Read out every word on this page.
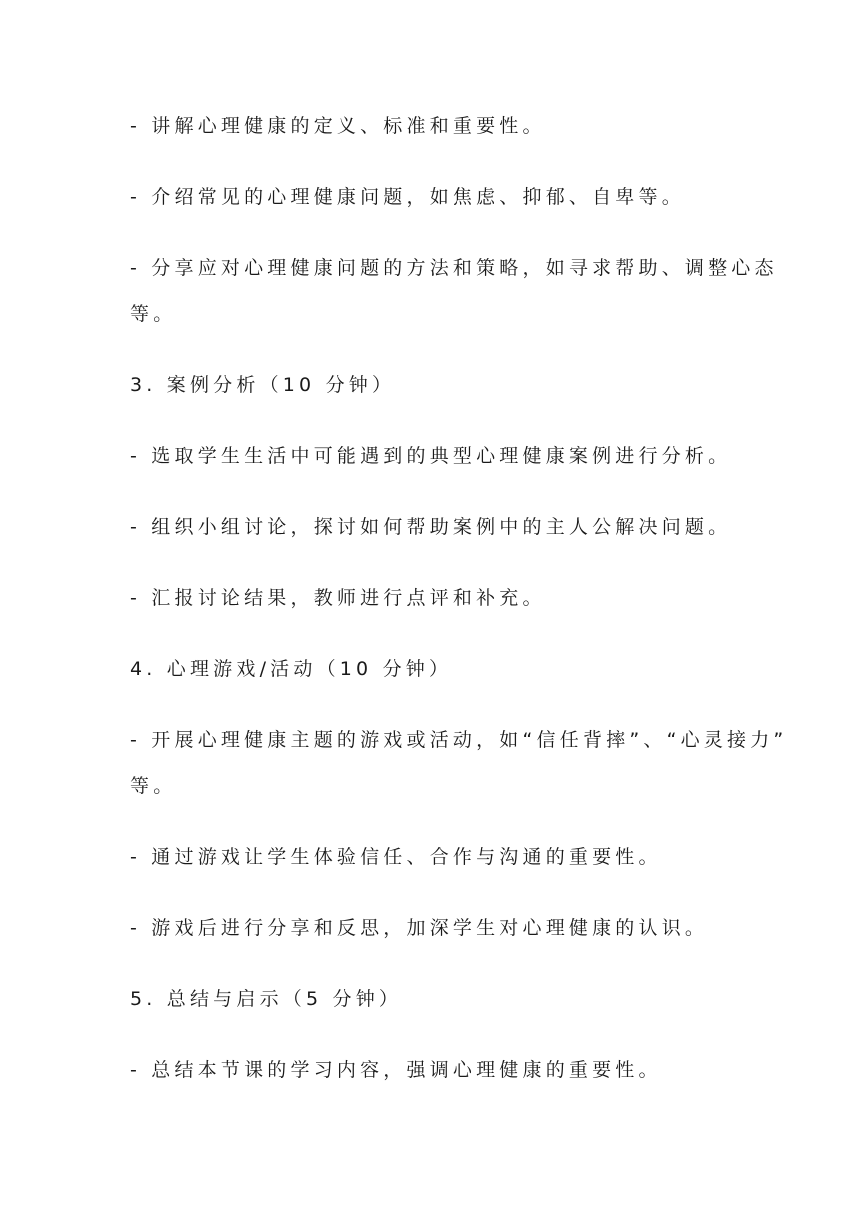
- 讲解心理健康的定义、标准和重要性。
- 介绍常见的心理健康问题，如焦虑、抑郁、自卑等。
- 分享应对心理健康问题的方法和策略，如寻求帮助、调整心态
等。
3. 案例分析（10 分钟）
- 选取学生生活中可能遇到的典型心理健康案例进行分析。
- 组织小组讨论，探讨如何帮助案例中的主人公解决问题。
- 汇报讨论结果，教师进行点评和补充。
4. 心理游戏/活动（10 分钟）
- 开展心理健康主题的游戏或活动，如“信任背摔”、“心灵接力”
等。
- 通过游戏让学生体验信任、合作与沟通的重要性。
- 游戏后进行分享和反思，加深学生对心理健康的认识。
5. 总结与启示（5 分钟）
- 总结本节课的学习内容，强调心理健康的重要性。
